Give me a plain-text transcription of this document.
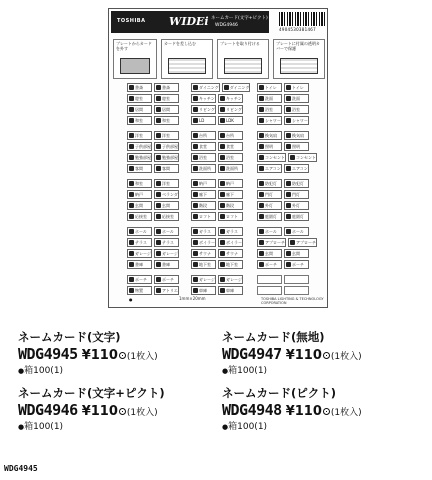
TOSHIBA WIDEi ネームカード(文字+ピクト)
WDG4946
4904530381467
プレートからカードを外す
カードを差し込む	プレートを取り付ける	プレートに付属の透明カバーで保護
書斎	書斎
寝室	寝室
居間	居間
和室	和室
洋室	洋室
子供部屋	子供部屋
勉強部屋	勉強部屋
客間	客間
和室	洋室
納戸	ベランダ
玄関	玄関
応接室	応接室
ホール	ホール
テラス	テラス
ガレージ	ガレージ
書庫	書庫
ポーチ	ポーチ
物置	アトリエ
ダイニング	ダイニング
キッチン	キッチン
リビング	リビング
LD	LDK
台所	台所
食堂	食堂
浴室	浴室
洗面所	洗面所
納戸	納戸
廊下	廊下
階段	階段
ロフト	ロフト
ガラス	ガラス
ボイラー	ボイラー
サウナ	サウナ
地下室	地下室
ガレージ	ガレージ
車庫	車庫
トイレ	トイレ
洗面	洗面
浴室	浴室
シャワー	シャワー
換気扇	換気扇
照明	照明
コンセント	コンセント
エアコン	エアコン
防犯灯	防犯灯
門灯	門灯
外灯	外灯
庭園灯	庭園灯
ホール	ホール
アプローチ	アプローチ
玄関	玄関
ポーチ	ポーチ
●	1mm×20mm	TOSHIBA LIGHTING & TECHNOLOGY CORPORATION
ネームカード(文字)
WDG4945 ¥110 (1枚入)
●箱100(1)
ネームカード(無地)
WDG4947 ¥110 (1枚入)
●箱100(1)
ネームカード(文字+ピクト)
WDG4946 ¥110 (1枚入)
●箱100(1)
ネームカード(ピクト)
WDG4948 ¥110 (1枚入)
●箱100(1)
WDG4945
